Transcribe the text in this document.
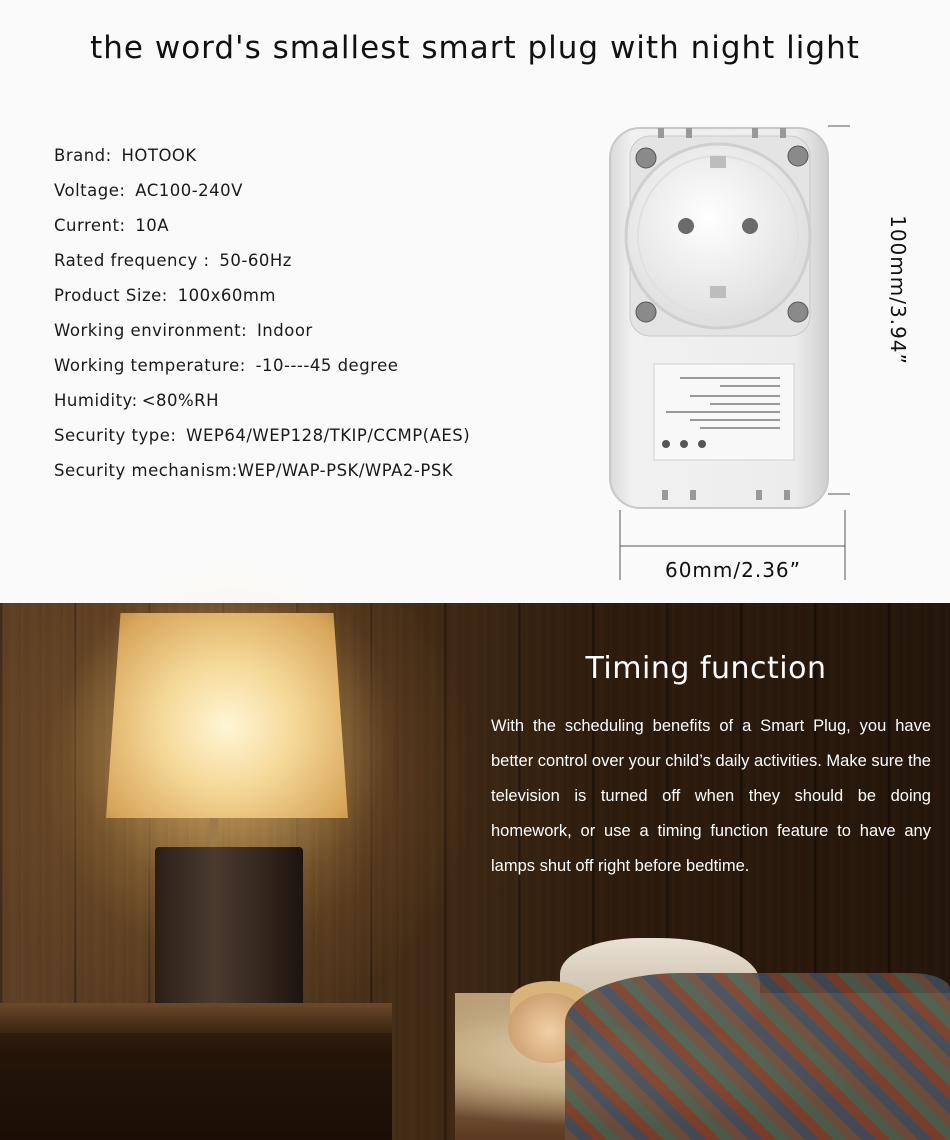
the word's smallest smart plug with night light
Brand: HOTOOK
Voltage: AC100-240V
Current: 10A
Rated frequency : 50-60Hz
Product Size: 100x60mm
Working environment: Indoor
Working temperature: -10----45 degree
Humidity: <80%RH
Security type: WEP64/WEP128/TKIP/CCMP(AES)
Security mechanism:WEP/WAP-PSK/WPA2-PSK
100mm/3.94”
60mm/2.36”
Timing function

With the scheduling benefits of a Smart Plug, you have better control over your child’s daily activities. Make sure the television is turned off when they should be doing homework, or use a timing function feature to have any lamps shut off right before bedtime.
